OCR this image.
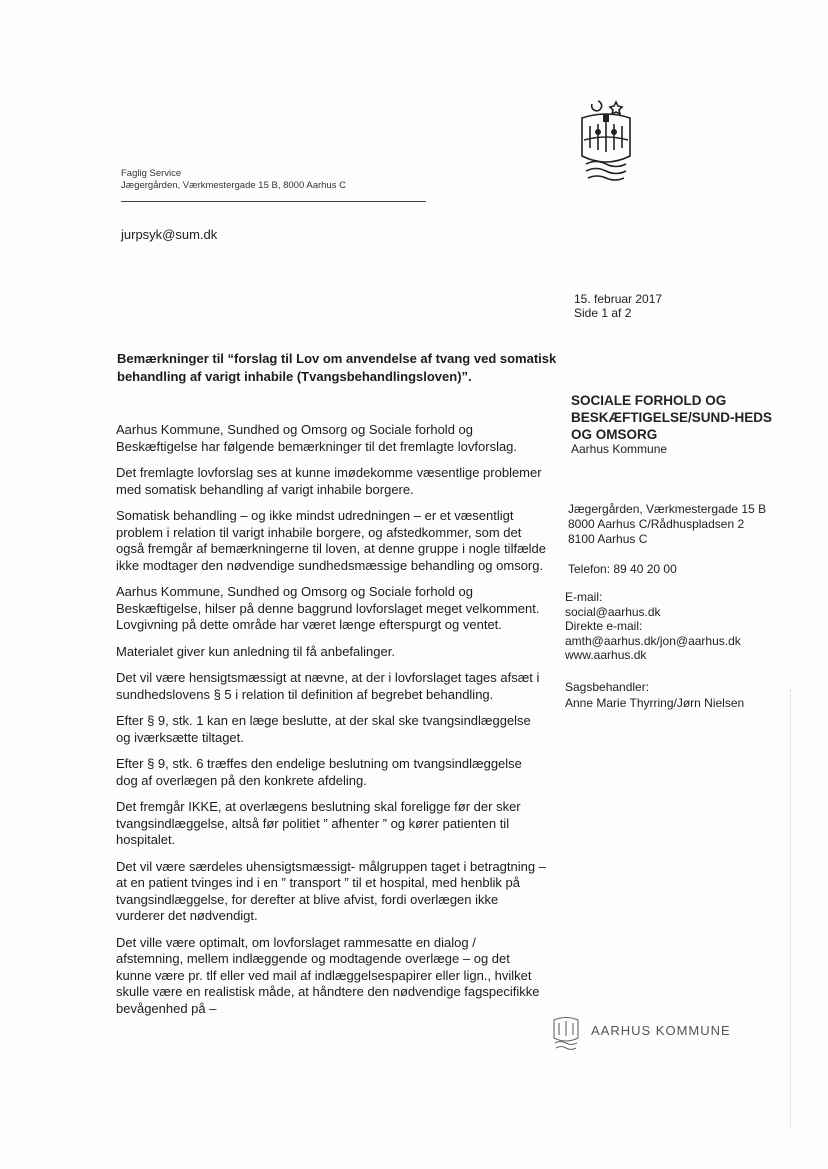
Faglig Service
Jægergården, Værkmestergade 15 B, 8000 Aarhus C
jurpsyk@sum.dk
15. februar 2017
Side 1 af 2
Bemærkninger til “forslag til Lov om anvendelse af tvang ved somatisk behandling af varigt inhabile (Tvangsbehandlingsloven)”.
SOCIALE FORHOLD OG BESKÆFTIGELSE/SUND-HEDS OG OMSORG
Aarhus Kommune
Jægergården, Værkmestergade 15 B 8000 Aarhus C/Rådhuspladsen 2 8100 Aarhus C
Telefon: 89 40 20 00
E-mail:
social@aarhus.dk
Direkte e-mail:
amth@aarhus.dk/jon@aarhus.dk
www.aarhus.dk
Sagsbehandler:
Anne Marie Thyrring/Jørn Nielsen

Aarhus Kommune, Sundhed og Omsorg og Sociale forhold og Beskæftigelse har følgende bemærkninger til det fremlagte lovforslag.

Det fremlagte lovforslag ses at kunne imødekomme væsentlige problemer med somatisk behandling af varigt inhabile borgere.

Somatisk behandling – og ikke mindst udredningen – er et væsentligt problem i relation til varigt inhabile borgere, og afstedkommer, som det også fremgår af bemærkningerne til loven, at denne gruppe i nogle tilfælde ikke modtager den nødvendige sundhedsmæssige behandling og omsorg.

Aarhus Kommune, Sundhed og Omsorg og Sociale forhold og Beskæftigelse, hilser på denne baggrund lovforslaget meget velkomment. Lovgivning på dette område har været længe efterspurgt og ventet.

Materialet giver kun anledning til få anbefalinger.

Det vil være hensigtsmæssigt at nævne, at der i lovforslaget tages afsæt i sundhedslovens § 5 i relation til definition af begrebet behandling.

Efter § 9, stk. 1 kan en læge beslutte, at der skal ske tvangsindlæggelse og iværksætte tiltaget.

Efter § 9, stk. 6 træffes den endelige beslutning om tvangsindlæggelse dog af overlægen på den konkrete afdeling.

Det fremgår IKKE, at overlægens beslutning skal foreligge før der sker tvangsindlæggelse, altså før politiet ” afhenter ” og kører patienten til hospitalet.

Det vil være særdeles uhensigtsmæssigt- målgruppen taget i betragtning – at en patient tvinges ind i en ” transport ” til et hospital, med henblik på tvangsindlæggelse, for derefter at blive afvist, fordi overlægen ikke vurderer det nødvendigt.

Det ville være optimalt, om lovforslaget rammesatte en dialog / afstemning, mellem indlæggende og modtagende overlæge – og det kunne være pr. tlf eller ved mail af indlæggelsespapirer eller lign., hvilket skulle være en realistisk måde, at håndtere den nødvendige fagspecifikke bevågenhed på –

AARHUS KOMMUNE
